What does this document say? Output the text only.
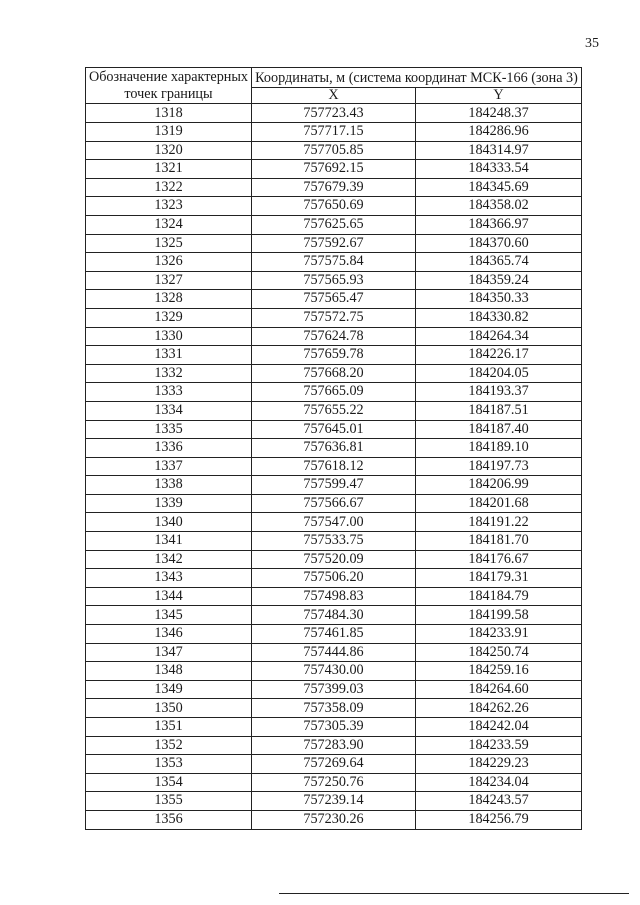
35
Обозначение характерных точек границы	Координаты, м (система координат МСК-166 (зона 3)	
	X	Y
1318	757723.43	184248.37
1319	757717.15	184286.96
1320	757705.85	184314.97
1321	757692.15	184333.54
1322	757679.39	184345.69
1323	757650.69	184358.02
1324	757625.65	184366.97
1325	757592.67	184370.60
1326	757575.84	184365.74
1327	757565.93	184359.24
1328	757565.47	184350.33
1329	757572.75	184330.82
1330	757624.78	184264.34
1331	757659.78	184226.17
1332	757668.20	184204.05
1333	757665.09	184193.37
1334	757655.22	184187.51
1335	757645.01	184187.40
1336	757636.81	184189.10
1337	757618.12	184197.73
1338	757599.47	184206.99
1339	757566.67	184201.68
1340	757547.00	184191.22
1341	757533.75	184181.70
1342	757520.09	184176.67
1343	757506.20	184179.31
1344	757498.83	184184.79
1345	757484.30	184199.58
1346	757461.85	184233.91
1347	757444.86	184250.74
1348	757430.00	184259.16
1349	757399.03	184264.60
1350	757358.09	184262.26
1351	757305.39	184242.04
1352	757283.90	184233.59
1353	757269.64	184229.23
1354	757250.76	184234.04
1355	757239.14	184243.57
1356	757230.26	184256.79
